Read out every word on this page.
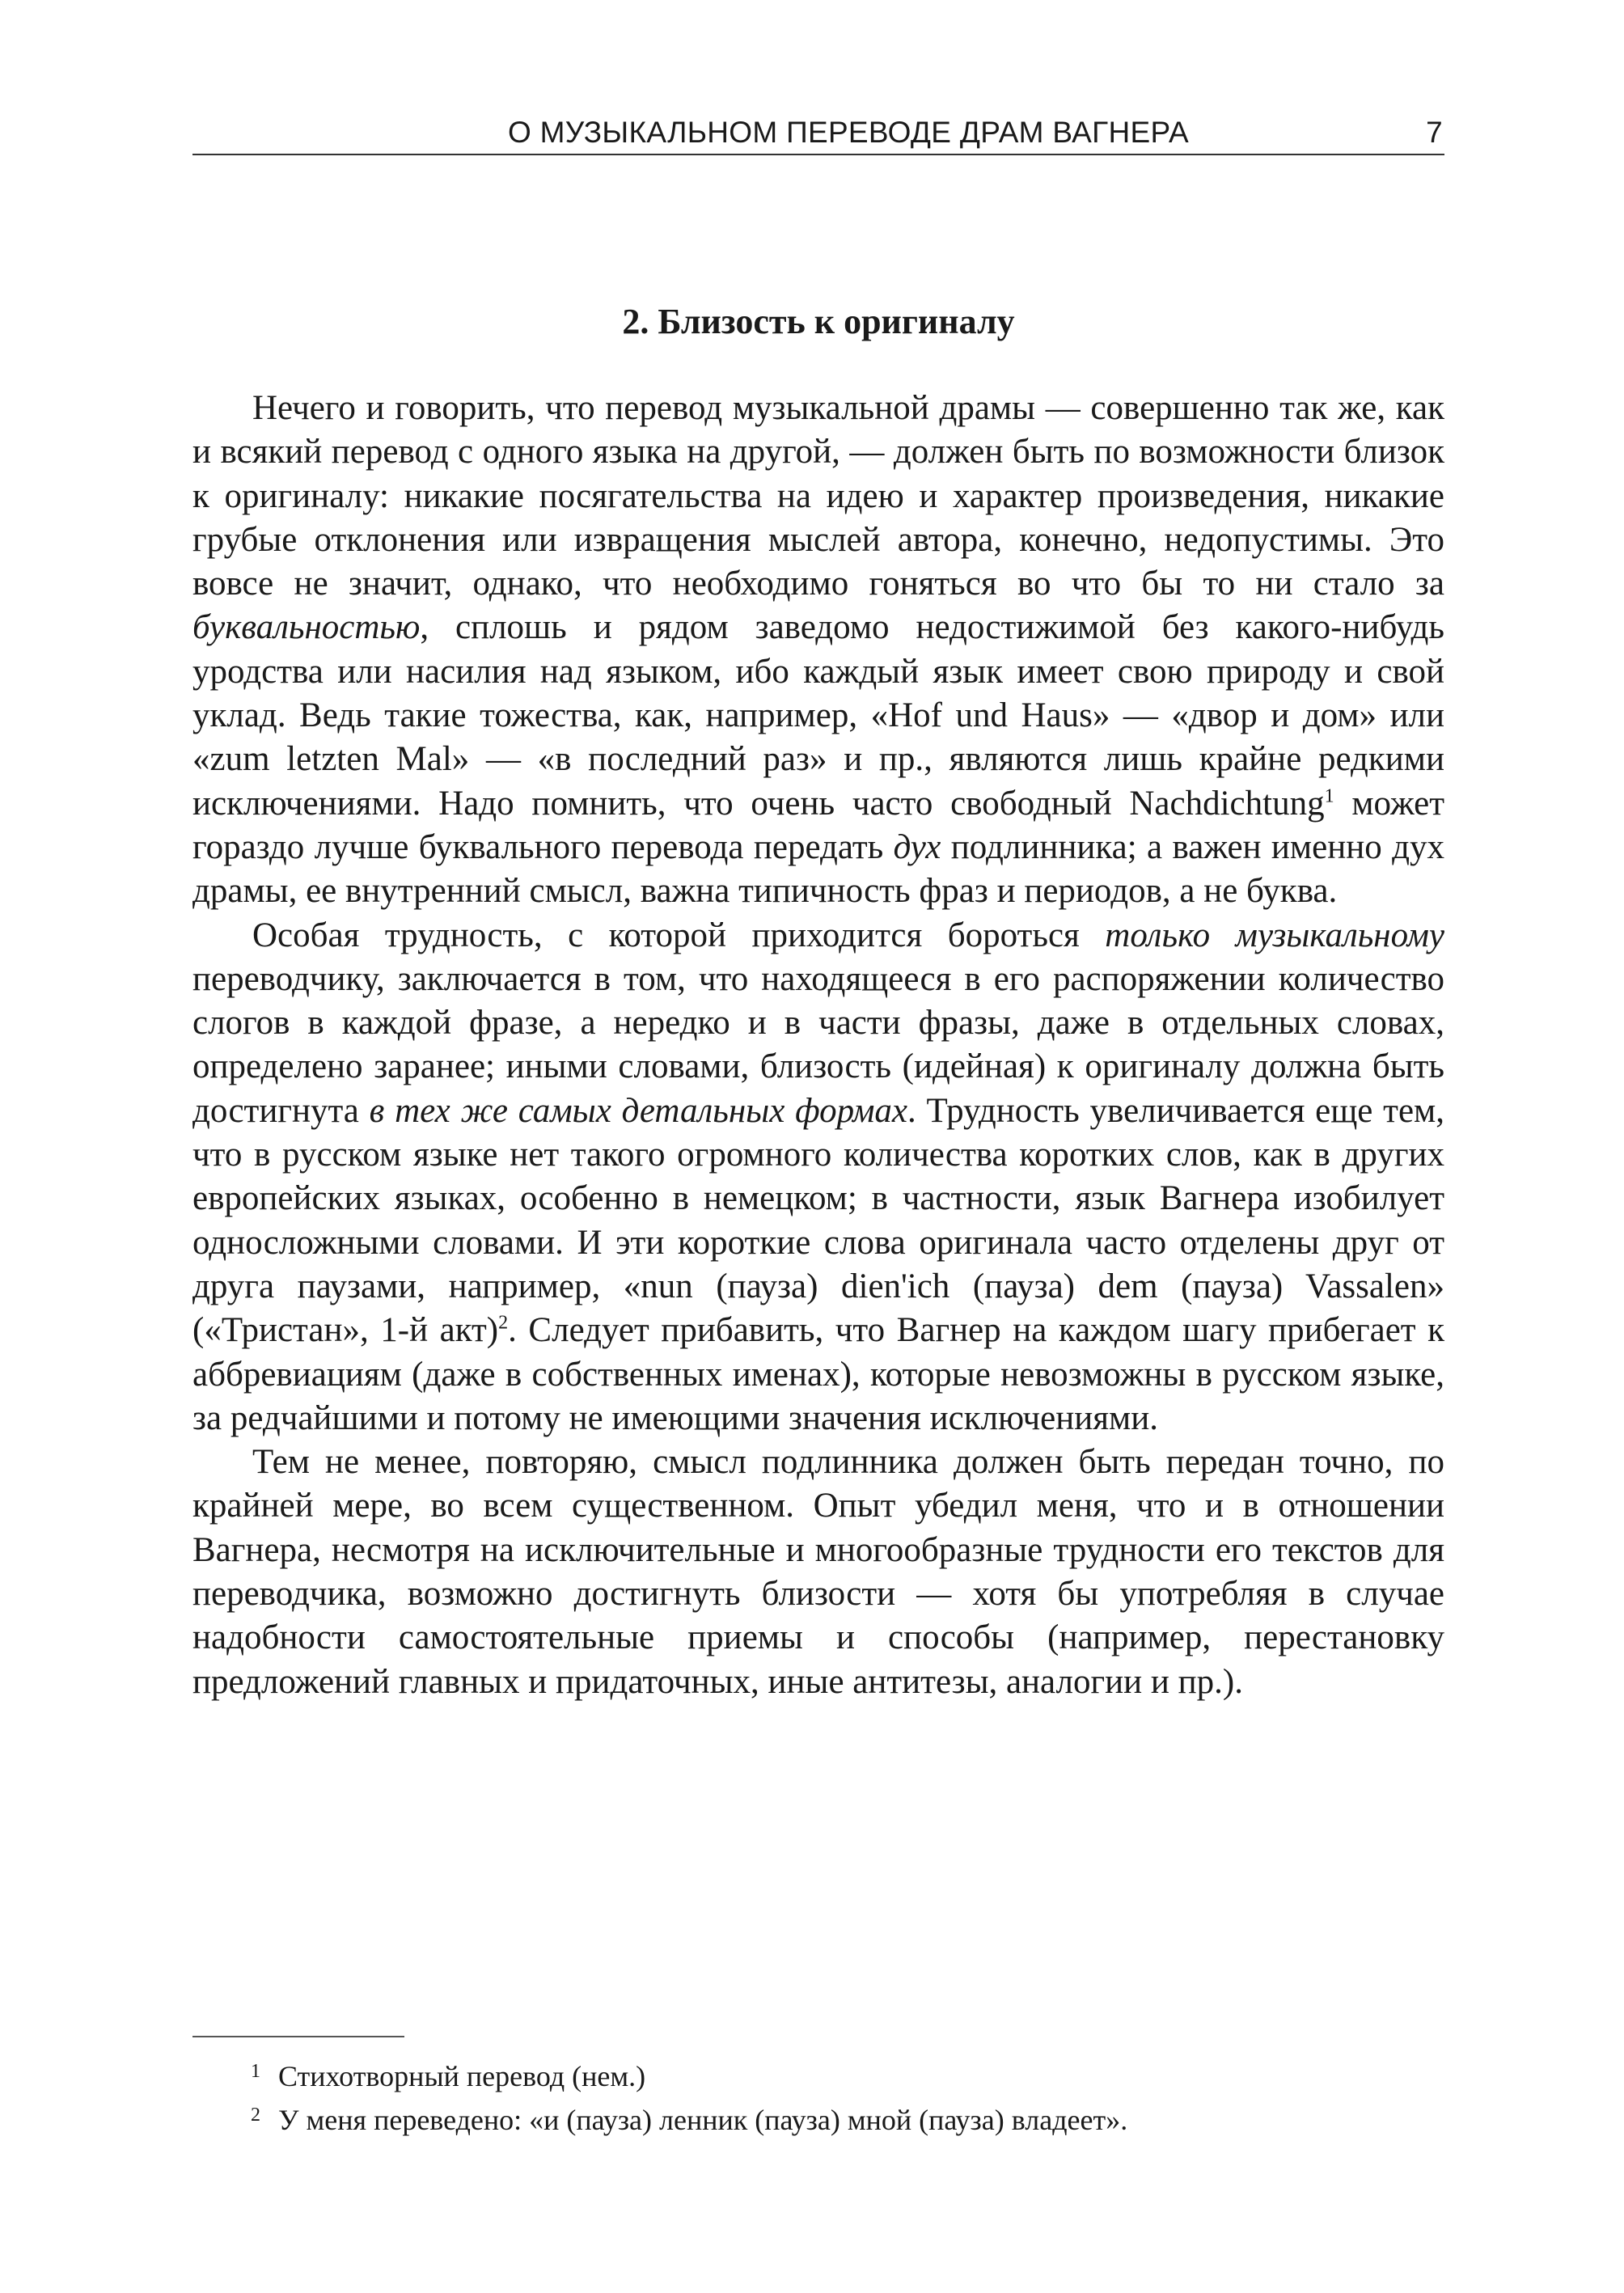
О МУЗЫКАЛЬНОМ ПЕРЕВОДЕ ДРАМ ВАГНЕРА	7
2. Близость к оригиналу

Нечего и говорить, что перевод музыкальной драмы — совершенно так же, как и всякий перевод с одного языка на другой, — должен быть по возможности близок к оригиналу: никакие посягательства на идею и характер произведения, никакие грубые отклонения или извращения мыслей автора, конечно, недопустимы. Это вовсе не значит, однако, что необходимо гоняться во что бы то ни стало за буквальностью, сплошь и рядом заведомо недостижимой без какого-нибудь уродства или насилия над языком, ибо каждый язык имеет свою природу и свой уклад. Ведь такие тожества, как, например, «Hof und Haus» — «двор и дом» или «zum letzten Mal» — «в последний раз» и пр., являются лишь крайне редкими исключениями. Надо помнить, что очень часто свободный Nachdichtung$^1$ может гораздо лучше буквального перевода передать дух подлинника; а важен именно дух драмы, ее внутренний смысл, важна типичность фраз и периодов, а не буква.

Особая трудность, с которой приходится бороться только музыкальному переводчику, заключается в том, что находящееся в его распоряжении количество слогов в каждой фразе, а нередко и в части фразы, даже в отдельных словах, определено заранее; иными словами, близость (идейная) к оригиналу должна быть достигнута в тех же самых детальных формах. Трудность увеличивается еще тем, что в русском языке нет такого огромного количества коротких слов, как в других европейских языках, особенно в немецком; в частности, язык Вагнера изобилует односложными словами. И эти короткие слова оригинала часто отделены друг от друга паузами, например, «nun (пауза) dien'ich (пауза) dem (пауза) Vassalen» («Тристан», 1-й акт)$^2$. Следует прибавить, что Вагнер на каждом шагу прибегает к аббревиациям (даже в собственных именах), которые невозможны в русском языке, за редчайшими и потому не имеющими значения исключениями.

Тем не менее, повторяю, смысл подлинника должен быть передан точно, по крайней мере, во всем существенном. Опыт убедил меня, что и в отношении Вагнера, несмотря на исключительные и многообразные трудности его текстов для переводчика, возможно достигнуть близости — хотя бы употребляя в случае надобности самостоятельные приемы и способы (например, перестановку предложений главных и придаточных, иные антитезы, аналогии и пр.).

1 Стихотворный перевод (нем.)
2 У меня переведено: «и (пауза) ленник (пауза) мной (пауза) владеет».
